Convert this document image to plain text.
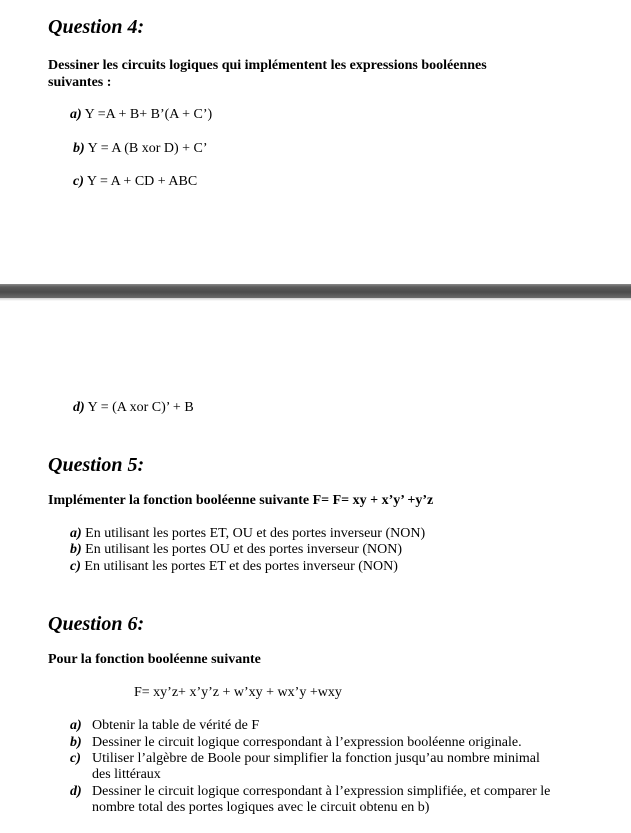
Question 4:
Dessiner les circuits logiques qui implémentent les expressions booléennes
suivantes :
a) Y =A + B+ B’(A + C’)
b) Y = A (B xor D) + C’
c) Y = A + CD + ABC
d) Y = (A xor C)’ + B
Question 5:
Implémenter la fonction booléenne suivante F= F= xy + x’y’ +y’z
a) En utilisant les portes ET, OU et des portes inverseur (NON)
b) En utilisant les portes OU et des portes inverseur (NON)
c) En utilisant les portes ET et des portes inverseur (NON)
Question 6:
Pour la fonction booléenne suivante
F= xy’z+ x’y’z + w’xy + wx’y +wxy
a) Obtenir la table de vérité de F
b) Dessiner le circuit logique correspondant à l’expression booléenne originale.
c) Utiliser l’algèbre de Boole pour simplifier la fonction jusqu’au nombre minimal des littéraux
d) Dessiner le circuit logique correspondant à l’expression simplifiée, et comparer le nombre total des portes logiques avec le circuit obtenu en b)
